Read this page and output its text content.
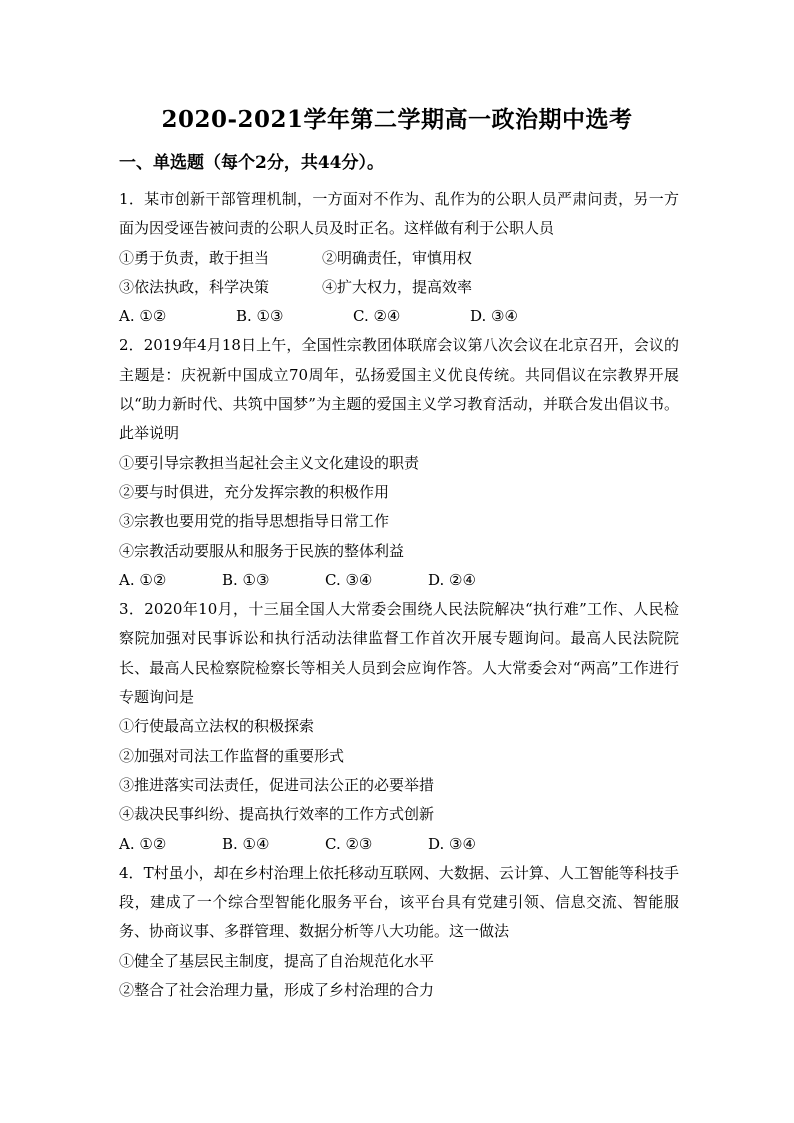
2020-2021学年第二学期高一政治期中选考
一、单选题（每个2分，共44分）。

1．某市创新干部管理机制，一方面对不作为、乱作为的公职人员严肃问责，另一方面为因受诬告被问责的公职人员及时正名。这样做有利于公职人员

①勇于负责，敢于担当	②明确责任，审慎用权

③依法执政，科学决策	④扩大权力，提高效率

A. ①②	B. ①③	C. ②④	D. ③④

2．2019年4月18日上午，全国性宗教团体联席会议第八次会议在北京召开，会议的主题是：庆祝新中国成立70周年，弘扬爱国主义优良传统。共同倡议在宗教界开展以“助力新时代、共筑中国梦”为主题的爱国主义学习教育活动，并联合发出倡议书。此举说明

①要引导宗教担当起社会主义文化建设的职责

②要与时俱进，充分发挥宗教的积极作用

③宗教也要用党的指导思想指导日常工作

④宗教活动要服从和服务于民族的整体利益

A. ①②	B. ①③	C. ③④	D. ②④

3．2020年10月，十三届全国人大常委会围绕人民法院解决“执行难”工作、人民检察院加强对民事诉讼和执行活动法律监督工作首次开展专题询问。最高人民法院院长、最高人民检察院检察长等相关人员到会应询作答。人大常委会对“两高”工作进行专题询问是

①行使最高立法权的积极探索

②加强对司法工作监督的重要形式

③推进落实司法责任，促进司法公正的必要举措

④裁决民事纠纷、提高执行效率的工作方式创新

A. ①②	B. ①④	C. ②③	D. ③④

4．T村虽小，却在乡村治理上依托移动互联网、大数据、云计算、人工智能等科技手段，建成了一个综合型智能化服务平台，该平台具有党建引领、信息交流、智能服务、协商议事、多群管理、数据分析等八大功能。这一做法

①健全了基层民主制度，提高了自治规范化水平

②整合了社会治理力量，形成了乡村治理的合力
